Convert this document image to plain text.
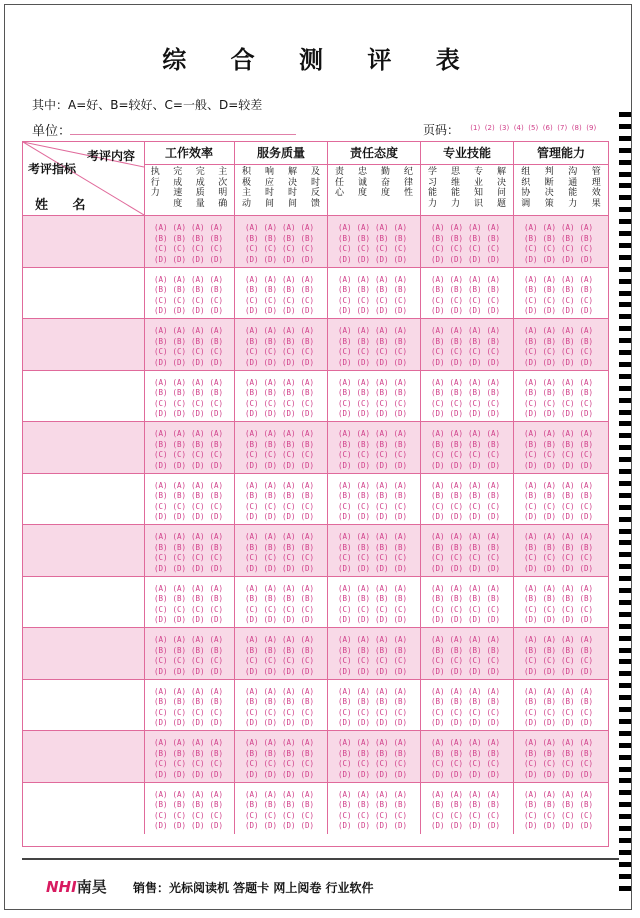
综 合 测 评 表
其中：A=好、B=较好、C=一般、D=较差
单位：	页码：	(1) (2) (3) (4) (5) (6) (7) (8) (9)
考评内容
考评指标
姓 名
工作效率
执
行
力
完
成
速
度
完
成
质
量
主
次
明
确
服务质量
积
极
主
动
响
应
时
间
解
决
时
间
及
时
反
馈
责任态度
责
任
心
忠
诚
度
勤
奋
度
纪
律
性
专业技能
学
习
能
力
思
维
能
力
专
业
知
识
解
决
问
题
管理能力
组
织
协
调
判
断
决
策
沟
通
能
力
管
理
效
果
(A)
(B)
(C)
(D)
(A)
(B)
(C)
(D)
(A)
(B)
(C)
(D)
(A)
(B)
(C)
(D)
(A)
(B)
(C)
(D)
(A)
(B)
(C)
(D)
(A)
(B)
(C)
(D)
(A)
(B)
(C)
(D)
(A)
(B)
(C)
(D)
(A)
(B)
(C)
(D)
(A)
(B)
(C)
(D)
(A)
(B)
(C)
(D)
(A)
(B)
(C)
(D)
(A)
(B)
(C)
(D)
(A)
(B)
(C)
(D)
(A)
(B)
(C)
(D)
(A)
(B)
(C)
(D)
(A)
(B)
(C)
(D)
(A)
(B)
(C)
(D)
(A)
(B)
(C)
(D)
(A)
(B)
(C)
(D)
(A)
(B)
(C)
(D)
(A)
(B)
(C)
(D)
(A)
(B)
(C)
(D)
(A)
(B)
(C)
(D)
(A)
(B)
(C)
(D)
(A)
(B)
(C)
(D)
(A)
(B)
(C)
(D)
(A)
(B)
(C)
(D)
(A)
(B)
(C)
(D)
(A)
(B)
(C)
(D)
(A)
(B)
(C)
(D)
(A)
(B)
(C)
(D)
(A)
(B)
(C)
(D)
(A)
(B)
(C)
(D)
(A)
(B)
(C)
(D)
(A)
(B)
(C)
(D)
(A)
(B)
(C)
(D)
(A)
(B)
(C)
(D)
(A)
(B)
(C)
(D)
(A)
(B)
(C)
(D)
(A)
(B)
(C)
(D)
(A)
(B)
(C)
(D)
(A)
(B)
(C)
(D)
(A)
(B)
(C)
(D)
(A)
(B)
(C)
(D)
(A)
(B)
(C)
(D)
(A)
(B)
(C)
(D)
(A)
(B)
(C)
(D)
(A)
(B)
(C)
(D)
(A)
(B)
(C)
(D)
(A)
(B)
(C)
(D)
(A)
(B)
(C)
(D)
(A)
(B)
(C)
(D)
(A)
(B)
(C)
(D)
(A)
(B)
(C)
(D)
(A)
(B)
(C)
(D)
(A)
(B)
(C)
(D)
(A)
(B)
(C)
(D)
(A)
(B)
(C)
(D)
(A)
(B)
(C)
(D)
(A)
(B)
(C)
(D)
(A)
(B)
(C)
(D)
(A)
(B)
(C)
(D)
(A)
(B)
(C)
(D)
(A)
(B)
(C)
(D)
(A)
(B)
(C)
(D)
(A)
(B)
(C)
(D)
(A)
(B)
(C)
(D)
(A)
(B)
(C)
(D)
(A)
(B)
(C)
(D)
(A)
(B)
(C)
(D)
(A)
(B)
(C)
(D)
(A)
(B)
(C)
(D)
(A)
(B)
(C)
(D)
(A)
(B)
(C)
(D)
(A)
(B)
(C)
(D)
(A)
(B)
(C)
(D)
(A)
(B)
(C)
(D)
(A)
(B)
(C)
(D)
(A)
(B)
(C)
(D)
(A)
(B)
(C)
(D)
(A)
(B)
(C)
(D)
(A)
(B)
(C)
(D)
(A)
(B)
(C)
(D)
(A)
(B)
(C)
(D)
(A)
(B)
(C)
(D)
(A)
(B)
(C)
(D)
(A)
(B)
(C)
(D)
(A)
(B)
(C)
(D)
(A)
(B)
(C)
(D)
(A)
(B)
(C)
(D)
(A)
(B)
(C)
(D)
(A)
(B)
(C)
(D)
(A)
(B)
(C)
(D)
(A)
(B)
(C)
(D)
(A)
(B)
(C)
(D)
(A)
(B)
(C)
(D)
(A)
(B)
(C)
(D)
(A)
(B)
(C)
(D)
(A)
(B)
(C)
(D)
(A)
(B)
(C)
(D)
(A)
(B)
(C)
(D)
(A)
(B)
(C)
(D)
(A)
(B)
(C)
(D)
(A)
(B)
(C)
(D)
(A)
(B)
(C)
(D)
(A)
(B)
(C)
(D)
(A)
(B)
(C)
(D)
(A)
(B)
(C)
(D)
(A)
(B)
(C)
(D)
(A)
(B)
(C)
(D)
(A)
(B)
(C)
(D)
(A)
(B)
(C)
(D)
(A)
(B)
(C)
(D)
(A)
(B)
(C)
(D)
(A)
(B)
(C)
(D)
(A)
(B)
(C)
(D)
(A)
(B)
(C)
(D)
(A)
(B)
(C)
(D)
(A)
(B)
(C)
(D)
(A)
(B)
(C)
(D)
(A)
(B)
(C)
(D)
(A)
(B)
(C)
(D)
(A)
(B)
(C)
(D)
(A)
(B)
(C)
(D)
(A)
(B)
(C)
(D)
(A)
(B)
(C)
(D)
(A)
(B)
(C)
(D)
(A)
(B)
(C)
(D)
(A)
(B)
(C)
(D)
(A)
(B)
(C)
(D)
(A)
(B)
(C)
(D)
(A)
(B)
(C)
(D)
(A)
(B)
(C)
(D)
(A)
(B)
(C)
(D)
(A)
(B)
(C)
(D)
(A)
(B)
(C)
(D)
(A)
(B)
(C)
(D)
(A)
(B)
(C)
(D)
(A)
(B)
(C)
(D)
(A)
(B)
(C)
(D)
(A)
(B)
(C)
(D)
(A)
(B)
(C)
(D)
(A)
(B)
(C)
(D)
(A)
(B)
(C)
(D)
(A)
(B)
(C)
(D)
(A)
(B)
(C)
(D)
(A)
(B)
(C)
(D)
(A)
(B)
(C)
(D)
(A)
(B)
(C)
(D)
(A)
(B)
(C)
(D)
(A)
(B)
(C)
(D)
(A)
(B)
(C)
(D)
(A)
(B)
(C)
(D)
(A)
(B)
(C)
(D)
(A)
(B)
(C)
(D)
(A)
(B)
(C)
(D)
(A)
(B)
(C)
(D)
(A)
(B)
(C)
(D)
(A)
(B)
(C)
(D)
(A)
(B)
(C)
(D)
(A)
(B)
(C)
(D)
(A)
(B)
(C)
(D)
(A)
(B)
(C)
(D)
(A)
(B)
(C)
(D)
(A)
(B)
(C)
(D)
(A)
(B)
(C)
(D)
(A)
(B)
(C)
(D)
(A)
(B)
(C)
(D)
(A)
(B)
(C)
(D)
(A)
(B)
(C)
(D)
(A)
(B)
(C)
(D)
(A)
(B)
(C)
(D)
(A)
(B)
(C)
(D)
(A)
(B)
(C)
(D)
(A)
(B)
(C)
(D)
(A)
(B)
(C)
(D)
(A)
(B)
(C)
(D)
(A)
(B)
(C)
(D)
(A)
(B)
(C)
(D)
(A)
(B)
(C)
(D)
(A)
(B)
(C)
(D)
(A)
(B)
(C)
(D)
(A)
(B)
(C)
(D)
(A)
(B)
(C)
(D)
(A)
(B)
(C)
(D)
(A)
(B)
(C)
(D)
(A)
(B)
(C)
(D)
(A)
(B)
(C)
(D)
(A)
(B)
(C)
(D)
(A)
(B)
(C)
(D)
(A)
(B)
(C)
(D)
(A)
(B)
(C)
(D)
(A)
(B)
(C)
(D)
(A)
(B)
(C)
(D)
(A)
(B)
(C)
(D)
(A)
(B)
(C)
(D)
(A)
(B)
(C)
(D)
(A)
(B)
(C)
(D)
(A)
(B)
(C)
(D)
(A)
(B)
(C)
(D)
(A)
(B)
(C)
(D)
(A)
(B)
(C)
(D)
(A)
(B)
(C)
(D)
(A)
(B)
(C)
(D)
(A)
(B)
(C)
(D)
(A)
(B)
(C)
(D)
(A)
(B)
(C)
(D)
(A)
(B)
(C)
(D)
(A)
(B)
(C)
(D)
(A)
(B)
(C)
(D)
(A)
(B)
(C)
(D)
(A)
(B)
(C)
(D)
(A)
(B)
(C)
(D)
(A)
(B)
(C)
(D)
(A)
(B)
(C)
(D)
(A)
(B)
(C)
(D)
(A)
(B)
(C)
(D)
(A)
(B)
(C)
(D)
(A)
(B)
(C)
(D)
(A)
(B)
(C)
(D)
(A)
(B)
(C)
(D)
(A)
(B)
(C)
(D)
(A)
(B)
(C)
(D)
(A)
(B)
(C)
(D)
(A)
(B)
(C)
(D)
(A)
(B)
(C)
(D)
(A)
(B)
(C)
(D)
(A)
(B)
(C)
(D)
(A)
(B)
(C)
(D)
(A)
(B)
(C)
(D)
(A)
(B)
(C)
(D)
(A)
(B)
(C)
(D)
(A)
(B)
(C)
(D)
(A)
(B)
(C)
(D)
(A)
(B)
(C)
(D)
(A)
(B)
(C)
(D)
(A)
(B)
(C)
(D)
(A)
(B)
(C)
(D)
NHI南昊 销售：光标阅读机 答题卡 网上阅卷 行业软件
